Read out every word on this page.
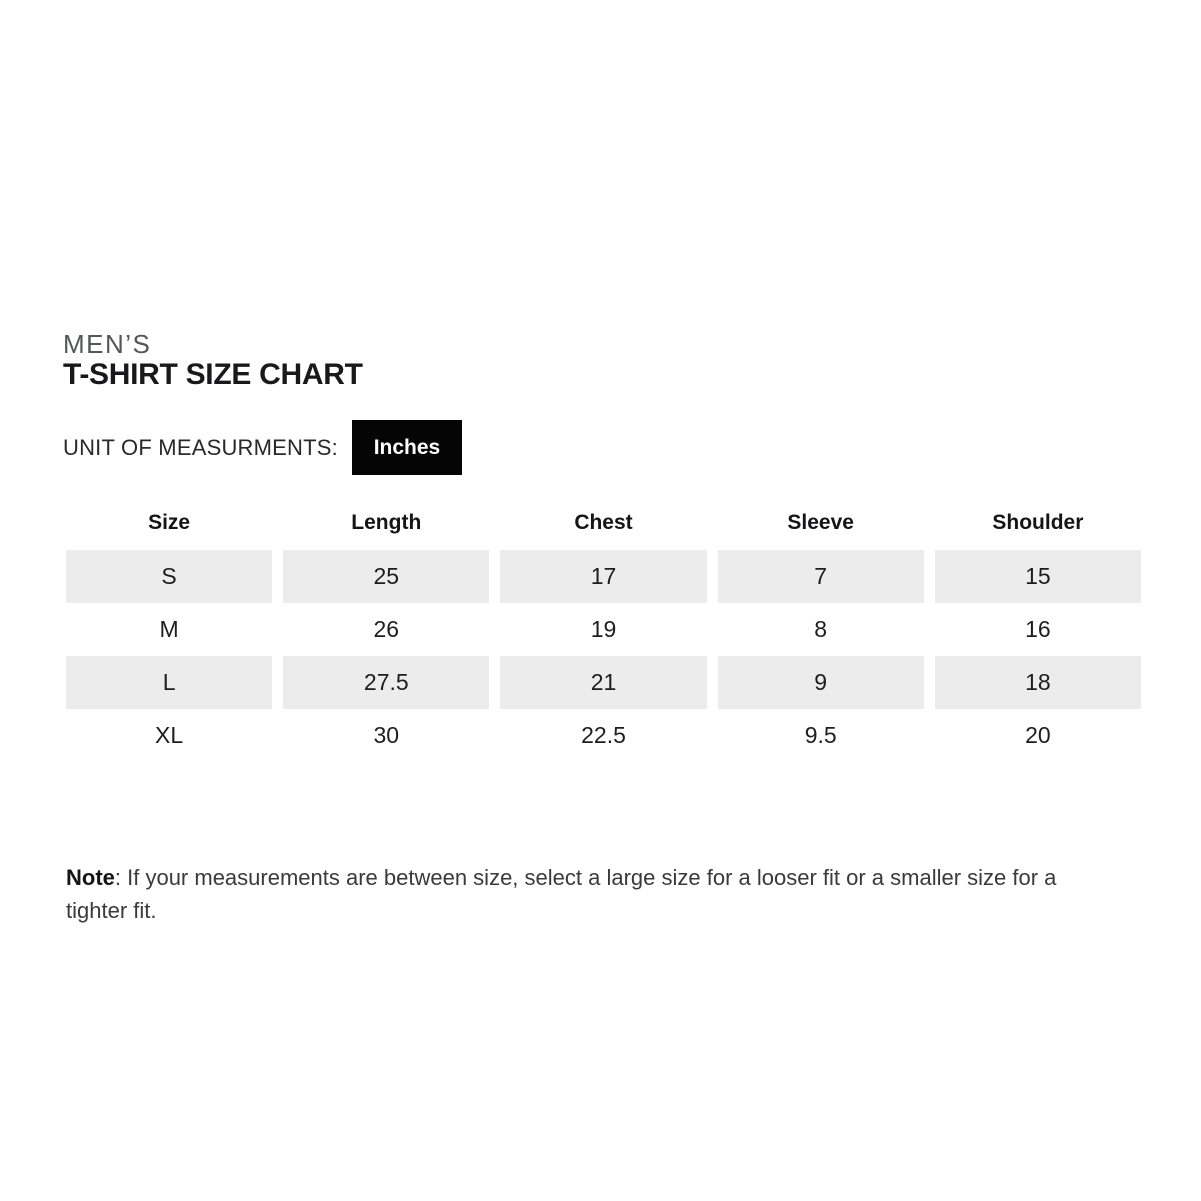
MEN’S
T-SHIRT SIZE CHART
UNIT OF MEASURMENTS:	Inches
Size	Length	Chest	Sleeve	Shoulder
S	25	17	7	15
M	26	19	8	16
L	27.5	21	9	18
XL	30	22.5	9.5	20

Note: If your measurements are between size, select a large size for a looser fit or a smaller size for a tighter fit.
